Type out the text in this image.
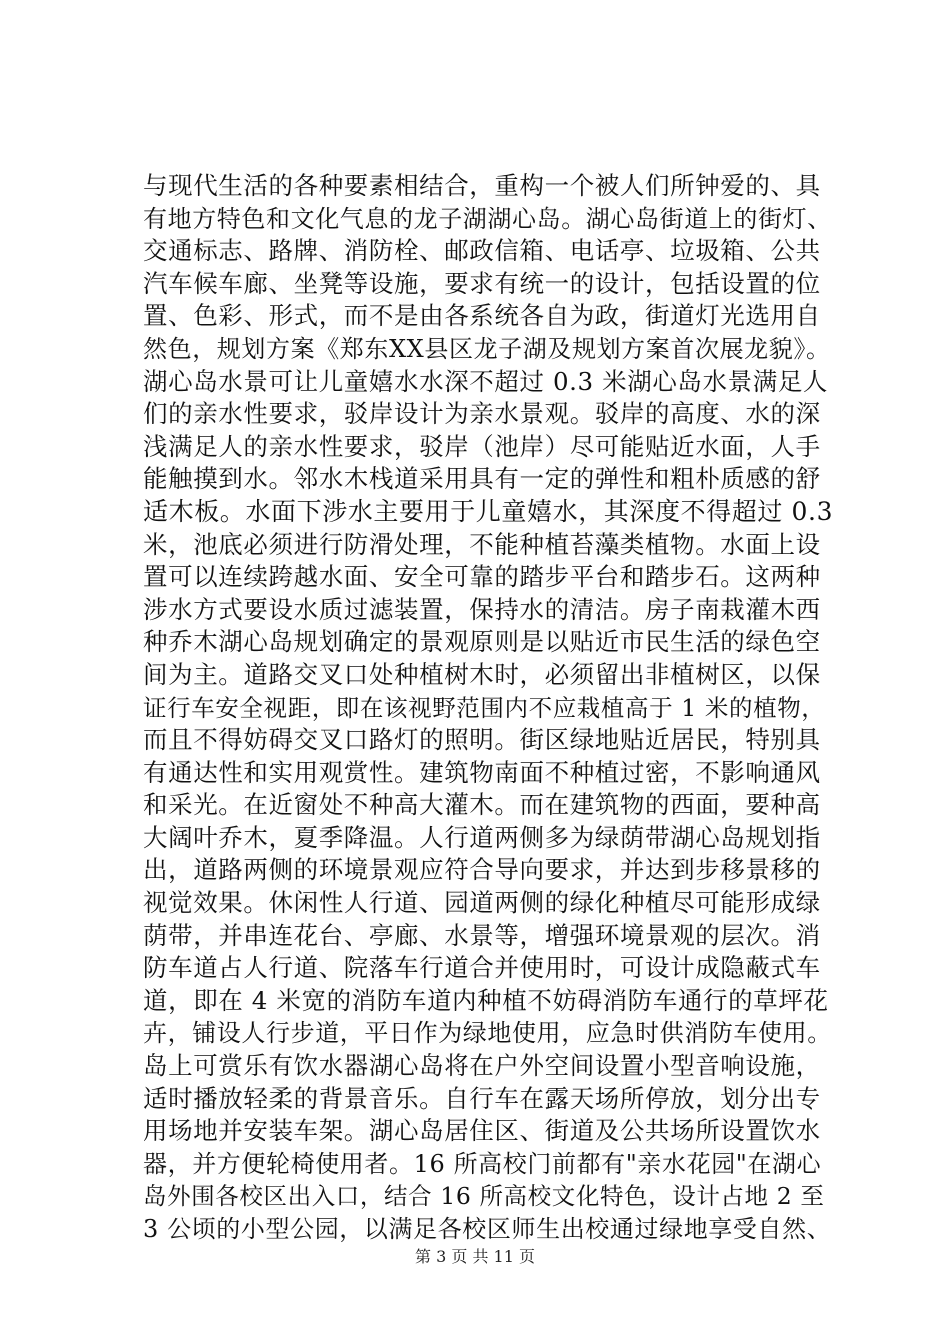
与现代生活的各种要素相结合，重构一个被人们所钟爱的、具
有地方特色和文化气息的龙子湖湖心岛。湖心岛街道上的街灯、
交通标志、路牌、消防栓、邮政信箱、电话亭、垃圾箱、公共
汽车候车廊、坐凳等设施，要求有统一的设计，包括设置的位
置、色彩、形式，而不是由各系统各自为政，街道灯光选用自
然色，规划方案《郑东XX县区龙子湖及规划方案首次展龙貌》。
湖心岛水景可让儿童嬉水水深不超过 0.3 米湖心岛水景满足人
们的亲水性要求，驳岸设计为亲水景观。驳岸的高度、水的深
浅满足人的亲水性要求，驳岸（池岸）尽可能贴近水面，人手
能触摸到水。邻水木栈道采用具有一定的弹性和粗朴质感的舒
适木板。水面下涉水主要用于儿童嬉水，其深度不得超过 0.3
米，池底必须进行防滑处理，不能种植苔藻类植物。水面上设
置可以连续跨越水面、安全可靠的踏步平台和踏步石。这两种
涉水方式要设水质过滤装置，保持水的清洁。房子南栽灌木西
种乔木湖心岛规划确定的景观原则是以贴近市民生活的绿色空
间为主。道路交叉口处种植树木时，必须留出非植树区，以保
证行车安全视距，即在该视野范围内不应栽植高于 1 米的植物，
而且不得妨碍交叉口路灯的照明。街区绿地贴近居民，特别具
有通达性和实用观赏性。建筑物南面不种植过密，不影响通风
和采光。在近窗处不种高大灌木。而在建筑物的西面，要种高
大阔叶乔木，夏季降温。人行道两侧多为绿荫带湖心岛规划指
出，道路两侧的环境景观应符合导向要求，并达到步移景移的
视觉效果。休闲性人行道、园道两侧的绿化种植尽可能形成绿
荫带，并串连花台、亭廊、水景等，增强环境景观的层次。消
防车道占人行道、院落车行道合并使用时，可设计成隐蔽式车
道，即在 4 米宽的消防车道内种植不妨碍消防车通行的草坪花
卉，铺设人行步道，平日作为绿地使用，应急时供消防车使用。
岛上可赏乐有饮水器湖心岛将在户外空间设置小型音响设施，
适时播放轻柔的背景音乐。自行车在露天场所停放，划分出专
用场地并安装车架。湖心岛居住区、街道及公共场所设置饮水
器，并方便轮椅使用者。16 所高校门前都有"亲水花园"在湖心
岛外围各校区出入口，结合 16 所高校文化特色，设计占地 2 至
3 公顷的小型公园，以满足各校区师生出校通过绿地享受自然、
第 3 页 共 11 页
